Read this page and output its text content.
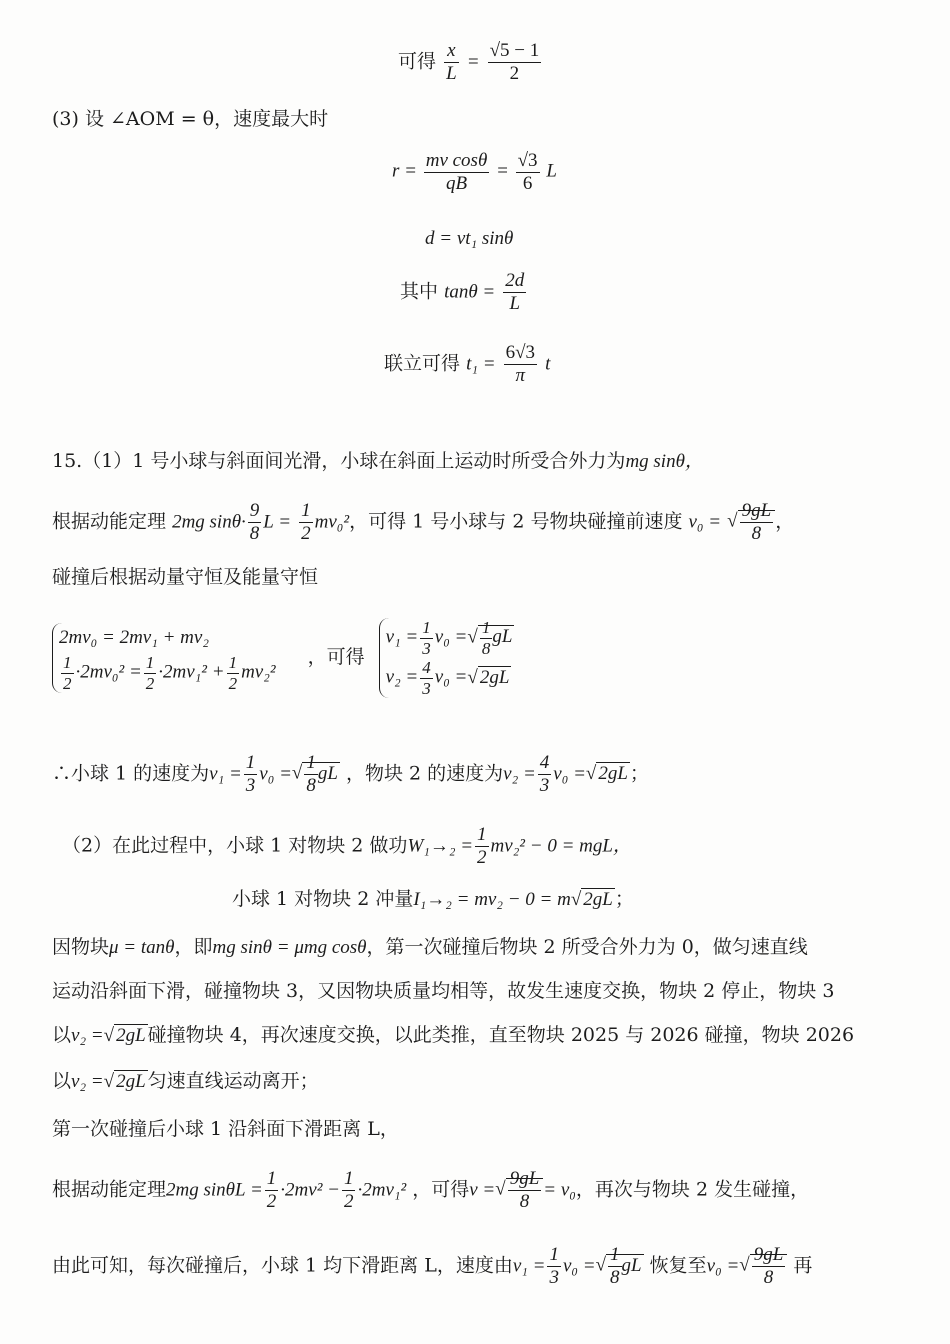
可得 $\frac{x}{L} = \frac{√5 - 1}{2}$
(3) 设 ∠AOM = θ，速度最大时
$r = \frac{\text{mv cosθ}}{qB} = \frac{√3}{6}$ L
d = vt₁ sinθ
其中 $\tan\theta = \frac{2d}{L}$
联立可得 $t_1 = \frac{6√3}{\pi}$ t
15.（1）1 号小球与斜面间光滑，小球在斜面上运动时所受合外力为mg sinθ，
根据动能定理 2mg $\sin\theta\cdot \frac{9}{8}$ $L = \frac{1}{2} mv_0^2$，可得 1 号小球与 2 号物块碰撞前速度 v₀ = √ $\frac{9gL}{8}$ ，
碰撞后根据动量守恒及能量守恒
2mv₀ = 2mv₁ + mv₂
$\frac{1}{2} \cdot 2mv_0^2 = \frac{1}{2} \cdot 2mv_1^2 + \frac{1}{2} mv_2^2$
，可得
$v_1 = \frac{1}{3} v_0$ =√ $\frac{1}{8}$ gL
$v_2 = \frac{4}{3} v_0$ =√ 2gL
∴小球 1 的速度为$v_1 = \frac{1}{3} v_0$ =√ $\frac{1}{8}$ gL ，物块 2 的速度为$v_2 = \frac{4}{3} v_0$ =√ 2gL ；
（2）在此过程中，小球 1 对物块 2 做功$W_1\to_2 = \frac{1}{2} mv_2^2 - 0$ = mgL，
小球 1 对物块 2 冲量I₁→₂ = mv₂ − 0 = m√ 2gL ；
因物块μ = tanθ，即mg sinθ = μmg cosθ，第一次碰撞后物块 2 所受合外力为 0，做匀速直线
运动沿斜面下滑，碰撞物块 3，又因物块质量均相等，故发生速度交换，物块 2 停止，物块 3
以v₂ =√ 2gL 碰撞物块 4，再次速度交换，以此类推，直至物块 2025 与 2026 碰撞，物块 2026
以v₂ =√ 2gL 匀速直线运动离开；
第一次碰撞后小球 1 沿斜面下滑距离 L，
根据动能定理2mg $\sin\theta L = \frac{1}{2} \cdot 2mv^2 - \frac{1}{2} \cdot 2mv_1^2$ ，可得v =√ $\frac{9gL}{8} = v_0$，再次与物块 2 发生碰撞，
由此可知，每次碰撞后，小球 1 均下滑距离 L，速度由$v_1 = \frac{1}{3} v_0$ =√ $\frac{1}{8}$ gL 恢复至v₀ =√ $\frac{9gL}{8}$ 再
